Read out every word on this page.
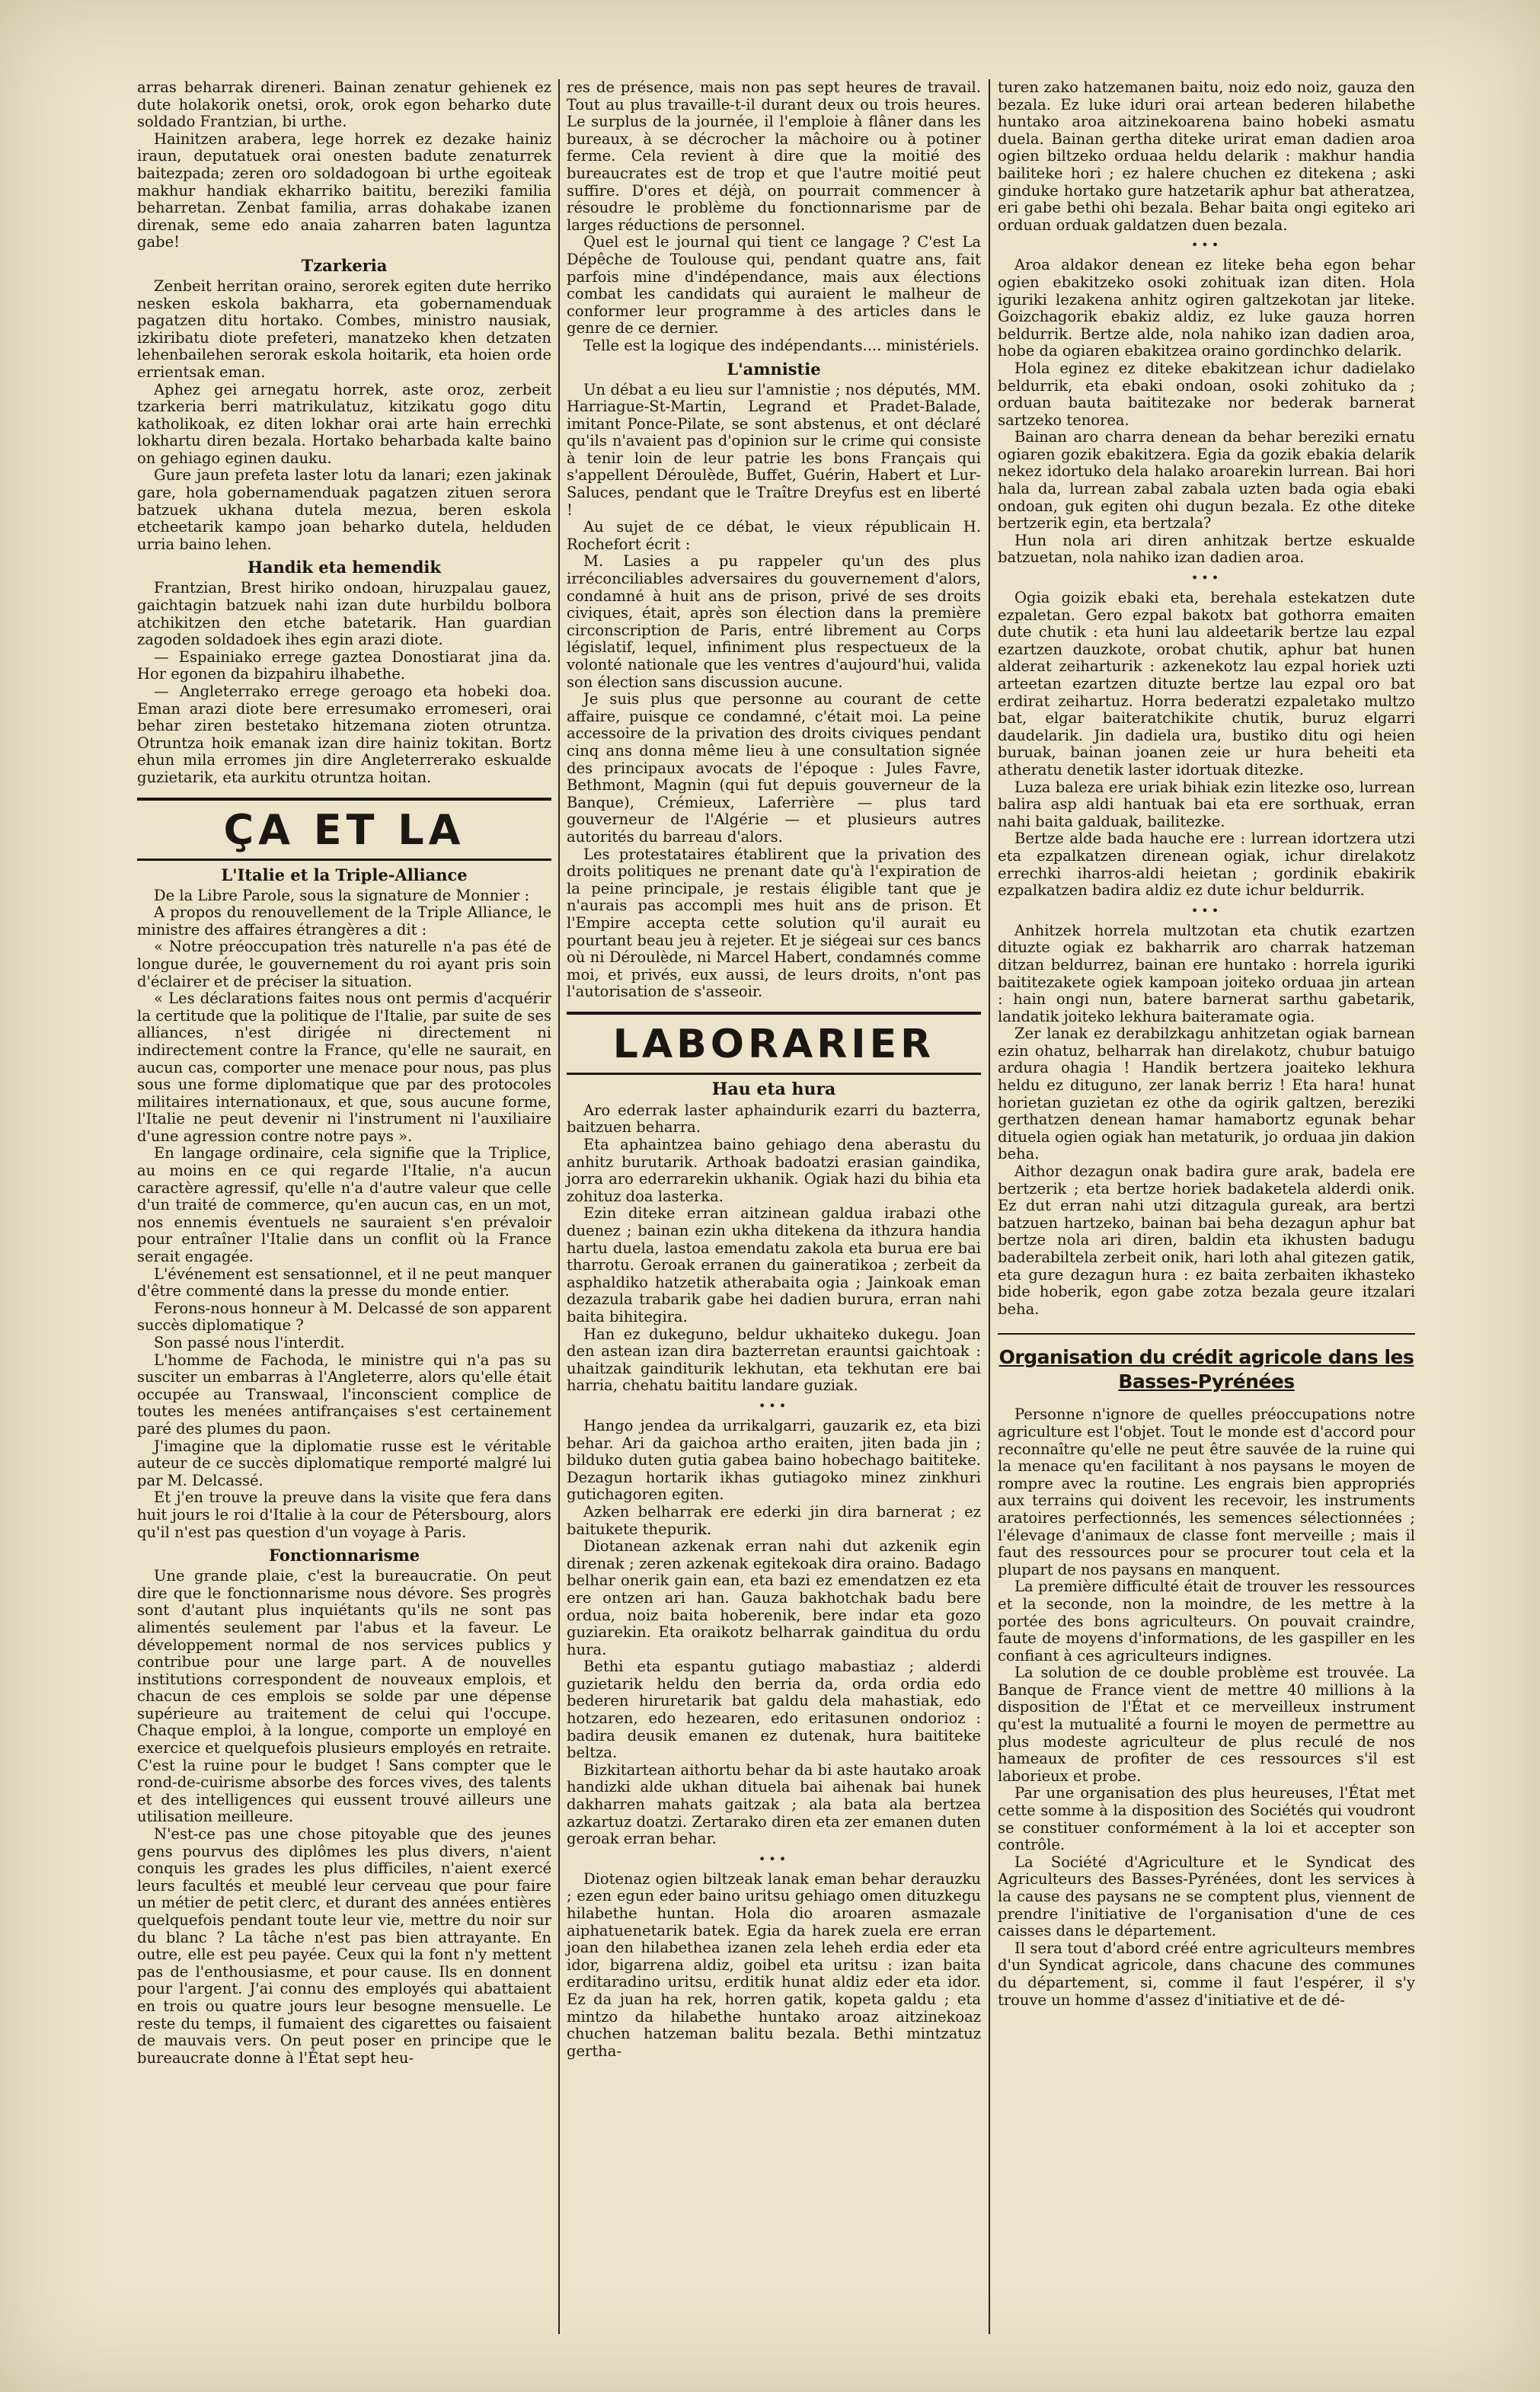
arras beharrak direneri. Bainan zenatur gehienek ez dute holakorik onetsi, orok, orok egon beharko dute soldado Frantzian, bi urthe.

Hainitzen arabera, lege horrek ez dezake hainiz iraun, deputatuek orai onesten badute zenaturrek baitezpada; zeren oro soldadogoan bi urthe egoiteak makhur handiak ekharriko baititu, bereziki familia beharretan. Zenbat familia, arras dohakabe izanen direnak, seme edo anaia zaharren baten laguntza gabe!

Tzarkeria

Zenbeit herritan oraino, serorek egiten dute herriko nesken eskola bakharra, eta gobernamenduak pagatzen ditu hortako. Combes, ministro nausiak, izkiribatu diote prefeteri, manatzeko khen detzaten lehenbailehen serorak eskola hoitarik, eta hoien orde errientsak eman.

Aphez gei arnegatu horrek, aste oroz, zerbeit tzarkeria berri matrikulatuz, kitzikatu gogo ditu katholikoak, ez diten lokhar orai arte hain errechki lokhartu diren bezala. Hortako beharbada kalte baino on gehiago eginen dauku.

Gure jaun prefeta laster lotu da lanari; ezen jakinak gare, hola gobernamenduak pagatzen zituen serora batzuek ukhana dutela mezua, beren eskola etcheetarik kampo joan beharko dutela, helduden urria baino lehen.

Handik eta hemendik

Frantzian, Brest hiriko ondoan, hiruzpalau gauez, gaichtagin batzuek nahi izan dute hurbildu bolbora atchikitzen den etche batetarik. Han guardian zagoden soldadoek ihes egin arazi diote.

— Espainiako errege gaztea Donostiarat jina da. Hor egonen da bizpahiru ilhabethe.

— Angleterrako errege geroago eta hobeki doa. Eman arazi diote bere erresumako erromeseri, orai behar ziren bestetako hitzemana zioten otruntza. Otruntza hoik emanak izan dire hainiz tokitan. Bortz ehun mila erromes jin dire Angleterrerako eskualde guzietarik, eta aurkitu otruntza hoitan.

ÇA ET LA
L'Italie et la Triple-Alliance

De la Libre Parole, sous la signature de Monnier :

A propos du renouvellement de la Triple Alliance, le ministre des affaires étrangères a dit :

« Notre préoccupation très naturelle n'a pas été de longue durée, le gouvernement du roi ayant pris soin d'éclairer et de préciser la situation.

« Les déclarations faites nous ont permis d'acquérir la certitude que la politique de l'Italie, par suite de ses alliances, n'est dirigée ni directement ni indirectement contre la France, qu'elle ne saurait, en aucun cas, comporter une menace pour nous, pas plus sous une forme diplomatique que par des protocoles militaires internationaux, et que, sous aucune forme, l'Italie ne peut devenir ni l'instrument ni l'auxiliaire d'une agression contre notre pays ».

En langage ordinaire, cela signifie que la Triplice, au moins en ce qui regarde l'Italie, n'a aucun caractère agressif, qu'elle n'a d'autre valeur que celle d'un traité de commerce, qu'en aucun cas, en un mot, nos ennemis éventuels ne sauraient s'en prévaloir pour entraîner l'Italie dans un conflit où la France serait engagée.

L'événement est sensationnel, et il ne peut manquer d'être commenté dans la presse du monde entier.

Ferons-nous honneur à M. Delcassé de son apparent succès diplomatique ?

Son passé nous l'interdit.

L'homme de Fachoda, le ministre qui n'a pas su susciter un embarras à l'Angleterre, alors qu'elle était occupée au Transwaal, l'inconscient complice de toutes les menées antifrançaises s'est certainement paré des plumes du paon.

J'imagine que la diplomatie russe est le véritable auteur de ce succès diplomatique remporté malgré lui par M. Delcassé.

Et j'en trouve la preuve dans la visite que fera dans huit jours le roi d'Italie à la cour de Pétersbourg, alors qu'il n'est pas question d'un voyage à Paris.

Fonctionnarisme

Une grande plaie, c'est la bureaucratie. On peut dire que le fonctionnarisme nous dévore. Ses progrès sont d'autant plus inquiétants qu'ils ne sont pas alimentés seulement par l'abus et la faveur. Le développement normal de nos services publics y contribue pour une large part. A de nouvelles institutions correspondent de nouveaux emplois, et chacun de ces emplois se solde par une dépense supérieure au traitement de celui qui l'occupe. Chaque emploi, à la longue, comporte un employé en exercice et quelquefois plusieurs employés en retraite. C'est la ruine pour le budget ! Sans compter que le rond-de-cuirisme absorbe des forces vives, des talents et des intelligences qui eussent trouvé ailleurs une utilisation meilleure.

N'est-ce pas une chose pitoyable que des jeunes gens pourvus des diplômes les plus divers, n'aient conquis les grades les plus difficiles, n'aient exercé leurs facultés et meublé leur cerveau que pour faire un métier de petit clerc, et durant des années entières quelquefois pendant toute leur vie, mettre du noir sur du blanc ? La tâche n'est pas bien attrayante. En outre, elle est peu payée. Ceux qui la font n'y mettent pas de l'enthousiasme, et pour cause. Ils en donnent pour l'argent. J'ai connu des employés qui abattaient en trois ou quatre jours leur besogne mensuelle. Le reste du temps, il fumaient des cigarettes ou faisaient de mauvais vers. On peut poser en principe que le bureaucrate donne à l'État sept heu-

res de présence, mais non pas sept heures de travail. Tout au plus travaille-t-il durant deux ou trois heures. Le surplus de la journée, il l'emploie à flâner dans les bureaux, à se décrocher la mâchoire ou à potiner ferme. Cela revient à dire que la moitié des bureaucrates est de trop et que l'autre moitié peut suffire. D'ores et déjà, on pourrait commencer à résoudre le problème du fonctionnarisme par de larges réductions de personnel.

Quel est le journal qui tient ce langage ? C'est La Dépêche de Toulouse qui, pendant quatre ans, fait parfois mine d'indépendance, mais aux élections combat les candidats qui auraient le malheur de conformer leur programme à des articles dans le genre de ce dernier.

Telle est la logique des indépendants.... ministériels.

L'amnistie

Un débat a eu lieu sur l'amnistie ; nos députés, MM. Harriague-St-Martin, Legrand et Pradet-Balade, imitant Ponce-Pilate, se sont abstenus, et ont déclaré qu'ils n'avaient pas d'opinion sur le crime qui consiste à tenir loin de leur patrie les bons Français qui s'appellent Déroulède, Buffet, Guérin, Habert et Lur-Saluces, pendant que le Traître Dreyfus est en liberté !

Au sujet de ce débat, le vieux républicain H. Rochefort écrit :

M. Lasies a pu rappeler qu'un des plus irréconciliables adversaires du gouvernement d'alors, condamné à huit ans de prison, privé de ses droits civiques, était, après son élection dans la première circonscription de Paris, entré librement au Corps législatif, lequel, infiniment plus respectueux de la volonté nationale que les ventres d'aujourd'hui, valida son élection sans discussion aucune.

Je suis plus que personne au courant de cette affaire, puisque ce condamné, c'était moi. La peine accessoire de la privation des droits civiques pendant cinq ans donna même lieu à une consultation signée des principaux avocats de l'époque : Jules Favre, Bethmont, Magnin (qui fut depuis gouverneur de la Banque), Crémieux, Laferrière — plus tard gouverneur de l'Algérie — et plusieurs autres autorités du barreau d'alors.

Les protestataires établirent que la privation des droits politiques ne prenant date qu'à l'expiration de la peine principale, je restais éligible tant que je n'aurais pas accompli mes huit ans de prison. Et l'Empire accepta cette solution qu'il aurait eu pourtant beau jeu à rejeter. Et je siégeai sur ces bancs où ni Déroulède, ni Marcel Habert, condamnés comme moi, et privés, eux aussi, de leurs droits, n'ont pas l'autorisation de s'asseoir.

LABORARIER
Hau eta hura

Aro ederrak laster aphaindurik ezarri du bazterra, baitzuen beharra.

Eta aphaintzea baino gehiago dena aberastu du anhitz burutarik. Arthoak badoatzi erasian gaindika, jorra aro ederrarekin ukhanik. Ogiak hazi du bihia eta zohituz doa lasterka.

Ezin diteke erran aitzinean galdua irabazi othe duenez ; bainan ezin ukha ditekena da ithzura handia hartu duela, lastoa emendatu zakola eta burua ere bai tharrotu. Geroak erranen du gaineratikoa ; zerbeit da asphaldiko hatzetik atherabaita ogia ; Jainkoak eman dezazula trabarik gabe hei dadien burura, erran nahi baita bihitegira.

Han ez dukeguno, beldur ukhaiteko dukegu. Joan den astean izan dira bazterretan erauntsi gaichtoak : uhaitzak gainditurik lekhutan, eta tekhutan ere bai harria, chehatu baititu landare guziak.

•••

Hango jendea da urrikalgarri, gauzarik ez, eta bizi behar. Ari da gaichoa artho eraiten, jiten bada jin ; bilduko duten gutia gabea baino hobechago baititeke. Dezagun hortarik ikhas gutiagoko minez zinkhuri gutichagoren egiten.

Azken belharrak ere ederki jin dira barnerat ; ez baitukete thepurik.

Diotanean azkenak erran nahi dut azkenik egin direnak ; zeren azkenak egitekoak dira oraino. Badago belhar onerik gain ean, eta bazi ez emendatzen ez eta ere ontzen ari han. Gauza bakhotchak badu bere ordua, noiz baita hoberenik, bere indar eta gozo guziarekin. Eta oraikotz belharrak gainditua du ordu hura.

Bethi eta espantu gutiago mabastiaz ; alderdi guzietarik heldu den berria da, orda ordia edo bederen hiruretarik bat galdu dela mahastiak, edo hotzaren, edo hezearen, edo eritasunen ondorioz : badira deusik emanen ez dutenak, hura baititeke beltza.

Bizkitartean aithortu behar da bi aste hautako aroak handizki alde ukhan dituela bai aihenak bai hunek dakharren mahats gaitzak ; ala bata ala bertzea azkartuz doatzi. Zertarako diren eta zer emanen duten geroak erran behar.

•••

Diotenaz ogien biltzeak lanak eman behar derauzku ; ezen egun eder baino uritsu gehiago omen dituzkegu hilabethe huntan. Hola dio aroaren asmazale aiphatuenetarik batek. Egia da harek zuela ere erran joan den hilabethea izanen zela leheh erdia eder eta idor, bigarrena aldiz, goibel eta uritsu : izan baita erditaradino uritsu, erditik hunat aldiz eder eta idor. Ez da juan ha rek, horren gatik, kopeta galdu ; eta mintzo da hilabethe huntako aroaz aitzinekoaz chuchen hatzeman balitu bezala. Bethi mintzatuz gertha-

turen zako hatzemanen baitu, noiz edo noiz, gauza den bezala. Ez luke iduri orai artean bederen hilabethe huntako aroa aitzinekoarena baino hobeki asmatu duela. Bainan gertha diteke urirat eman dadien aroa ogien biltzeko orduaa heldu delarik : makhur handia bailiteke hori ; ez halere chuchen ez ditekena ; aski ginduke hortako gure hatzetarik aphur bat atheratzea, eri gabe bethi ohi bezala. Behar baita ongi egiteko ari orduan orduak galdatzen duen bezala.

•••

Aroa aldakor denean ez liteke beha egon behar ogien ebakitzeko osoki zohituak izan diten. Hola iguriki lezakena anhitz ogiren galtzekotan jar liteke. Goizchagorik ebakiz aldiz, ez luke gauza horren beldurrik. Bertze alde, nola nahiko izan dadien aroa, hobe da ogiaren ebakitzea oraino gordinchko delarik.

Hola eginez ez diteke ebakitzean ichur dadielako beldurrik, eta ebaki ondoan, osoki zohituko da ; orduan bauta baititezake nor bederak barnerat sartzeko tenorea.

Bainan aro charra denean da behar bereziki ernatu ogiaren gozik ebakitzera. Egia da gozik ebakia delarik nekez idortuko dela halako aroarekin lurrean. Bai hori hala da, lurrean zabal zabala uzten bada ogia ebaki ondoan, guk egiten ohi dugun bezala. Ez othe diteke bertzerik egin, eta bertzala?

Hun nola ari diren anhitzak bertze eskualde batzuetan, nola nahiko izan dadien aroa.

•••

Ogia goizik ebaki eta, berehala estekatzen dute ezpaletan. Gero ezpal bakotx bat gothorra emaiten dute chutik : eta huni lau aldeetarik bertze lau ezpal ezartzen dauzkote, orobat chutik, aphur bat hunen alderat zeiharturik : azkenekotz lau ezpal horiek uzti arteetan ezartzen dituzte bertze lau ezpal oro bat erdirat zeihartuz. Horra bederatzi ezpaletako multzo bat, elgar baiteratchikite chutik, buruz elgarri daudelarik. Jin dadiela ura, bustiko ditu ogi heien buruak, bainan joanen zeie ur hura beheiti eta atheratu denetik laster idortuak ditezke.

Luza baleza ere uriak bihiak ezin litezke oso, lurrean balira asp aldi hantuak bai eta ere sorthuak, erran nahi baita galduak, bailitezke.

Bertze alde bada hauche ere : lurrean idortzera utzi eta ezpalkatzen direnean ogiak, ichur direlakotz errechki iharros-aldi heietan ; gordinik ebakirik ezpalkatzen badira aldiz ez dute ichur beldurrik.

•••

Anhitzek horrela multzotan eta chutik ezartzen dituzte ogiak ez bakharrik aro charrak hatzeman ditzan beldurrez, bainan ere huntako : horrela iguriki baititezakete ogiek kampoan joiteko orduaa jin artean : hain ongi nun, batere barnerat sarthu gabetarik, landatik joiteko lekhura baiteramate ogia.

Zer lanak ez derabilzkagu anhitzetan ogiak barnean ezin ohatuz, belharrak han direlakotz, chubur batuigo ardura ohagia ! Handik bertzera joaiteko lekhura heldu ez dituguno, zer lanak berriz ! Eta hara! hunat horietan guzietan ez othe da ogirik galtzen, bereziki gerthatzen denean hamar hamabortz egunak behar dituela ogien ogiak han metaturik, jo orduaa jin dakion beha.

Aithor dezagun onak badira gure arak, badela ere bertzerik ; eta bertze horiek badaketela alderdi onik. Ez dut erran nahi utzi ditzagula gureak, ara bertzi batzuen hartzeko, bainan bai beha dezagun aphur bat bertze nola ari diren, baldin eta ikhusten badugu baderabiltela zerbeit onik, hari loth ahal gitezen gatik, eta gure dezagun hura : ez baita zerbaiten ikhasteko bide hoberik, egon gabe zotza bezala geure itzalari beha.

Organisation du crédit agricole dans les Basses-Pyrénées

Personne n'ignore de quelles préoccupations notre agriculture est l'objet. Tout le monde est d'accord pour reconnaître qu'elle ne peut être sauvée de la ruine qui la menace qu'en facilitant à nos paysans le moyen de rompre avec la routine. Les engrais bien appropriés aux terrains qui doivent les recevoir, les instruments aratoires perfectionnés, les semences sélectionnées ; l'élevage d'animaux de classe font merveille ; mais il faut des ressources pour se procurer tout cela et la plupart de nos paysans en manquent.

La première difficulté était de trouver les ressources et la seconde, non la moindre, de les mettre à la portée des bons agriculteurs. On pouvait craindre, faute de moyens d'informations, de les gaspiller en les confiant à ces agriculteurs indignes.

La solution de ce double problème est trouvée. La Banque de France vient de mettre 40 millions à la disposition de l'État et ce merveilleux instrument qu'est la mutualité a fourni le moyen de permettre au plus modeste agriculteur de plus reculé de nos hameaux de profiter de ces ressources s'il est laborieux et probe.

Par une organisation des plus heureuses, l'État met cette somme à la disposition des Sociétés qui voudront se constituer conformément à la loi et accepter son contrôle.

La Société d'Agriculture et le Syndicat des Agriculteurs des Basses-Pyrénées, dont les services à la cause des paysans ne se comptent plus, viennent de prendre l'initiative de l'organisation d'une de ces caisses dans le département.

Il sera tout d'abord créé entre agriculteurs membres d'un Syndicat agricole, dans chacune des communes du département, si, comme il faut l'espérer, il s'y trouve un homme d'assez d'initiative et de dé-
